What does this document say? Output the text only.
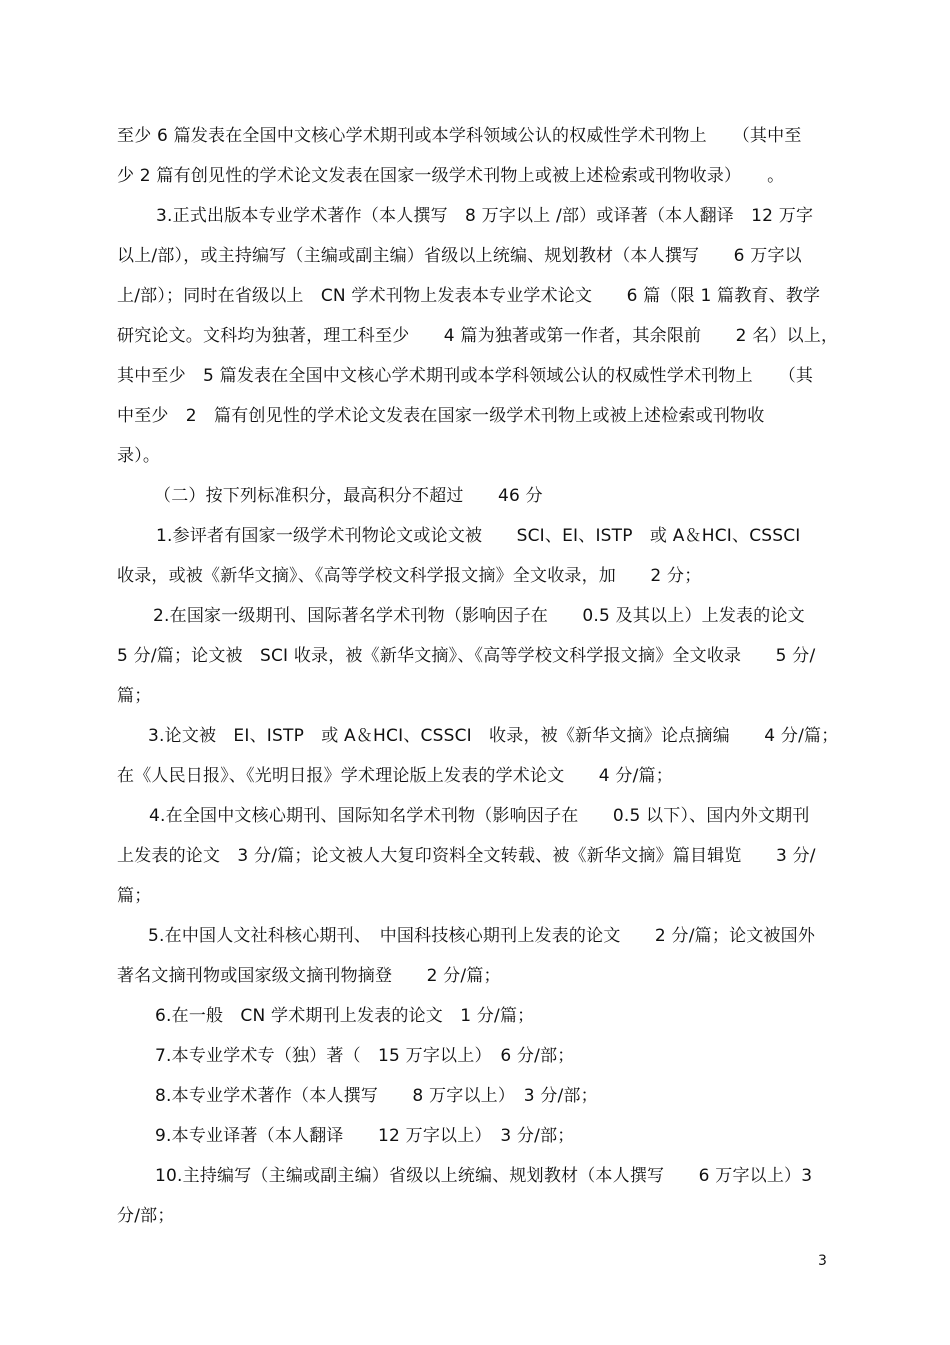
至少 6 篇发表在全国中文核心学术期刊或本学科领域公认的权威性学术刊物上　　（其中至
少 2 篇有创见性的学术论文发表在国家一级学术刊物上或被上述检索或刊物收录）　　。
3.正式出版本专业学术著作（本人撰写　8 万字以上 /部）或译著（本人翻译　12 万字
以上/部），或主持编写（主编或副主编）省级以上统编、规划教材（本人撰写　　6 万字以
上/部）；同时在省级以上　CN 学术刊物上发表本专业学术论文　　6 篇（限 1 篇教育、教学
研究论文。文科均为独著，理工科至少　　4 篇为独著或第一作者，其余限前　　2 名）以上，
其中至少　5 篇发表在全国中文核心学术期刊或本学科领域公认的权威性学术刊物上　　（其
中至少　2　篇有创见性的学术论文发表在国家一级学术刊物上或被上述检索或刊物收
录）。
（二）按下列标准积分，最高积分不超过　　46 分
1.参评者有国家一级学术刊物论文或论文被　　SCI、EI、ISTP　或 A＆HCI、CSSCI
收录，或被《新华文摘》、《高等学校文科学报文摘》全文收录，加　　2 分；
2.在国家一级期刊、国际著名学术刊物（影响因子在　　0.5 及其以上）上发表的论文
5 分/篇；论文被　SCI 收录，被《新华文摘》、《高等学校文科学报文摘》全文收录　　5 分/
篇；
3.论文被　EI、ISTP　或 A＆HCI、CSSCI　收录，被《新华文摘》论点摘编　　4 分/篇；
在《人民日报》、《光明日报》学术理论版上发表的学术论文　　4 分/篇；
4.在全国中文核心期刊、国际知名学术刊物（影响因子在　　0.5 以下）、国内外文期刊
上发表的论文　3 分/篇；论文被人大复印资料全文转载、被《新华文摘》篇目辑览　　3 分/
篇；
5.在中国人文社科核心期刊、　中国科技核心期刊上发表的论文　　2 分/篇；论文被国外
著名文摘刊物或国家级文摘刊物摘登　　2 分/篇；
6.在一般　CN 学术期刊上发表的论文　1 分/篇；
7.本专业学术专（独）著（　15 万字以上）　6 分/部；
8.本专业学术著作（本人撰写　　8 万字以上）　3 分/部；
9.本专业译著（本人翻译　　12 万字以上）　3 分/部；
10.主持编写（主编或副主编）省级以上统编、规划教材（本人撰写　　6 万字以上）3
分/部；
3
